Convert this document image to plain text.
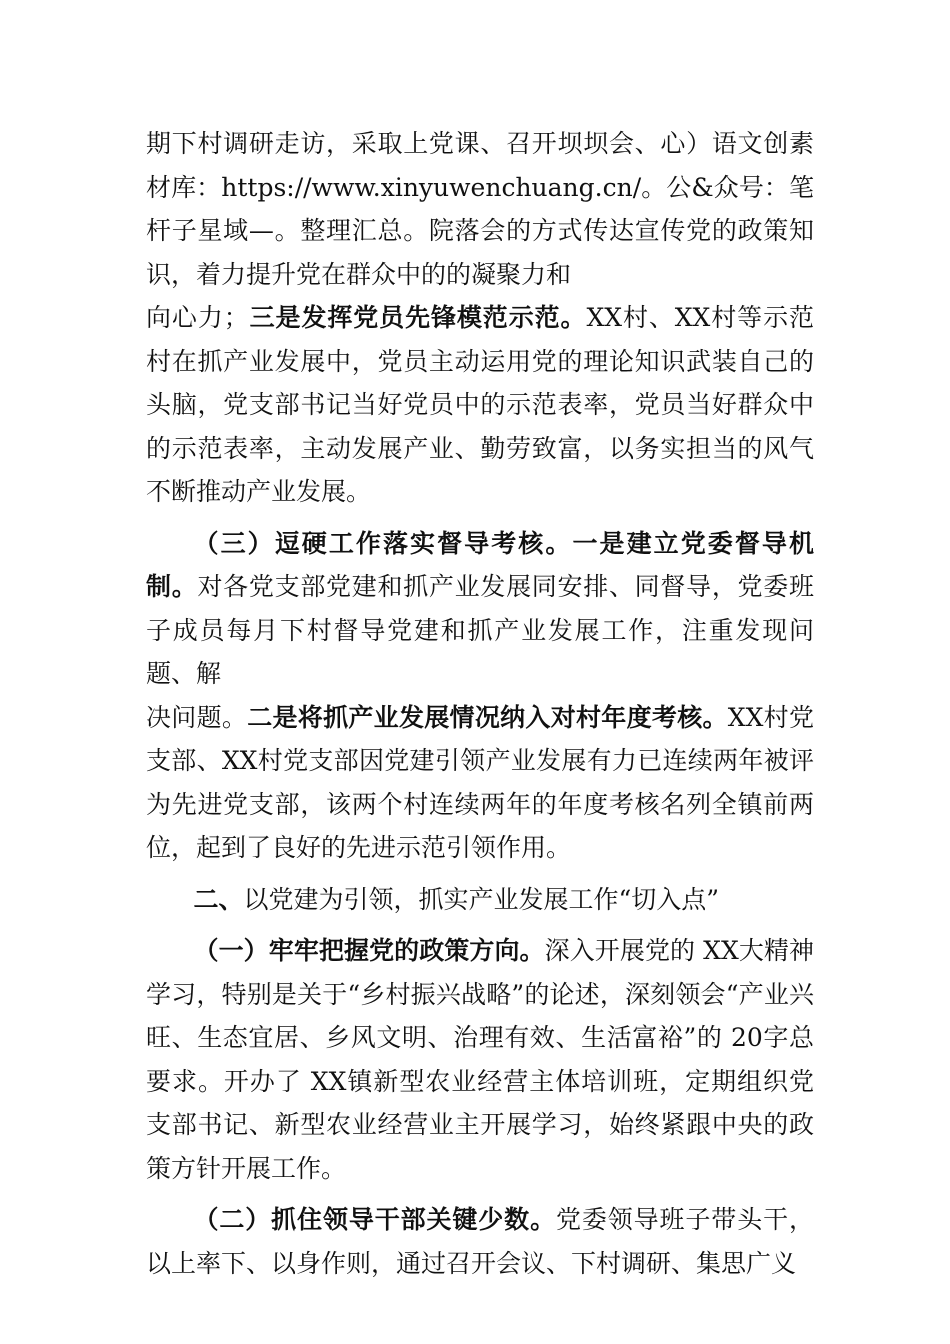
期下村调研走访，采取上党课、召开坝坝会、心）语文创素材库：https://www.xinyuwenchuang.cn/。公&众号：笔杆子星域—。整理汇总。院落会的方式传达宣传党的政策知识，着力提升党在群众中的的凝聚力和

向心力；三是发挥党员先锋模范示范。XX村、XX村等示范村在抓产业发展中，党员主动运用党的理论知识武装自己的头脑，党支部书记当好党员中的示范表率，党员当好群众中的示范表率，主动发展产业、勤劳致富，以务实担当的风气不断推动产业发展。

（三）逗硬工作落实督导考核。一是建立党委督导机制。对各党支部党建和抓产业发展同安排、同督导，党委班子成员每月下村督导党建和抓产业发展工作，注重发现问题、解

决问题。二是将抓产业发展情况纳入对村年度考核。XX村党支部、XX村党支部因党建引领产业发展有力已连续两年被评为先进党支部，该两个村连续两年的年度考核名列全镇前两位，起到了良好的先进示范引领作用。

二、以党建为引领，抓实产业发展工作“切入点”

（一）牢牢把握党的政策方向。深入开展党的 XX大精神学习，特别是关于“乡村振兴战略”的论述，深刻领会“产业兴旺、生态宜居、乡风文明、治理有效、生活富裕”的 20字总要求。开办了 XX镇新型农业经营主体培训班，定期组织党支部书记、新型农业经营业主开展学习，始终紧跟中央的政策方针开展工作。

（二）抓住领导干部关键少数。党委领导班子带头干，以上率下、以身作则，通过召开会议、下村调研、集思广义
